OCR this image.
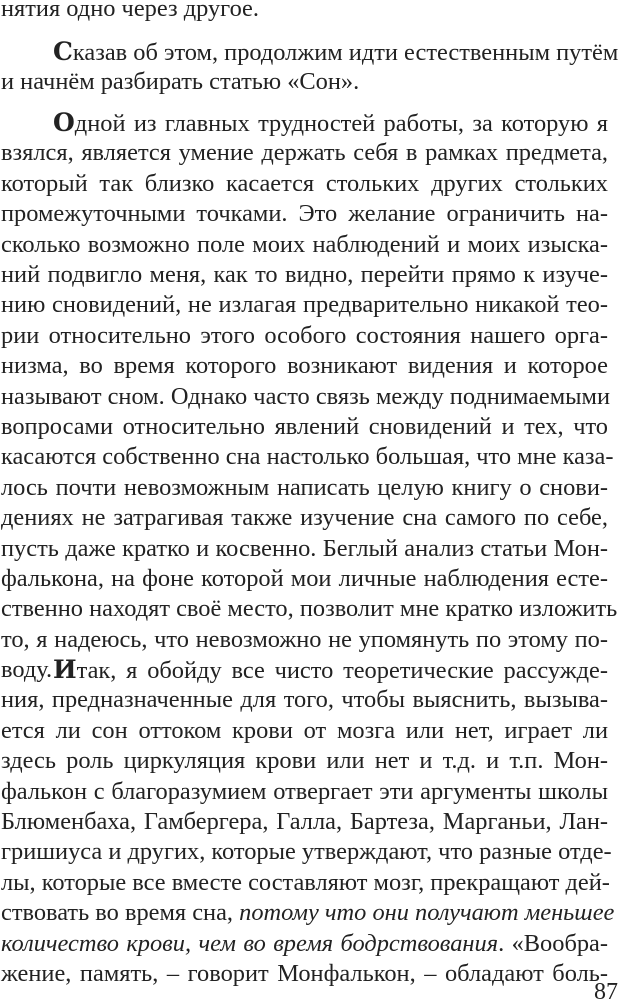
нятия одно через другое.
Сказав об этом, продолжим идти естественным путём
и начнём разбирать статью «Сон».
Одной из главных трудностей работы, за которую я
взялся, является умение держать себя в рамках предмета,
который так близко касается стольких других стольких
промежуточными точками. Это желание ограничить на-
сколько возможно поле моих наблюдений и моих изыска-
ний подвигло меня, как то видно, перейти прямо к изуче-
нию сновидений, не излагая предварительно никакой тео-
рии относительно этого особого состояния нашего орга-
низма, во время которого возникают видения и которое
называют сном. Однако часто связь между поднимаемыми
вопросами относительно явлений сновидений и тех, что
касаются собственно сна настолько большая, что мне каза-
лось почти невозможным написать целую книгу о снови-
дениях не затрагивая также изучение сна самого по себе,
пусть даже кратко и косвенно. Беглый анализ статьи Мон-
фалькона, на фоне которой мои личные наблюдения есте-
ственно находят своё место, позволит мне кратко изложить
то, я надеюсь, что невозможно не упомянуть по этому по-
воду. Итак, я обойду все чисто теоретические рассужде-
ния, предназначенные для того, чтобы выяснить, вызыва-
ется ли сон оттоком крови от мозга или нет, играет ли
здесь роль циркуляция крови или нет и т.д. и т.п. Мон-
фалькон с благоразумием отвергает эти аргументы школы
Блюменбаха, Гамбергера, Галла, Бартеза, Марганьи, Лан-
гришиуса и других, которые утверждают, что разные отде-
лы, которые все вместе составляют мозг, прекращают дей-
ствовать во время сна, потому что они получают меньшее
количество крови, чем во время бодрствования. «Вообра-
жение, память, – говорит Монфалькон, – обладают боль-
87
